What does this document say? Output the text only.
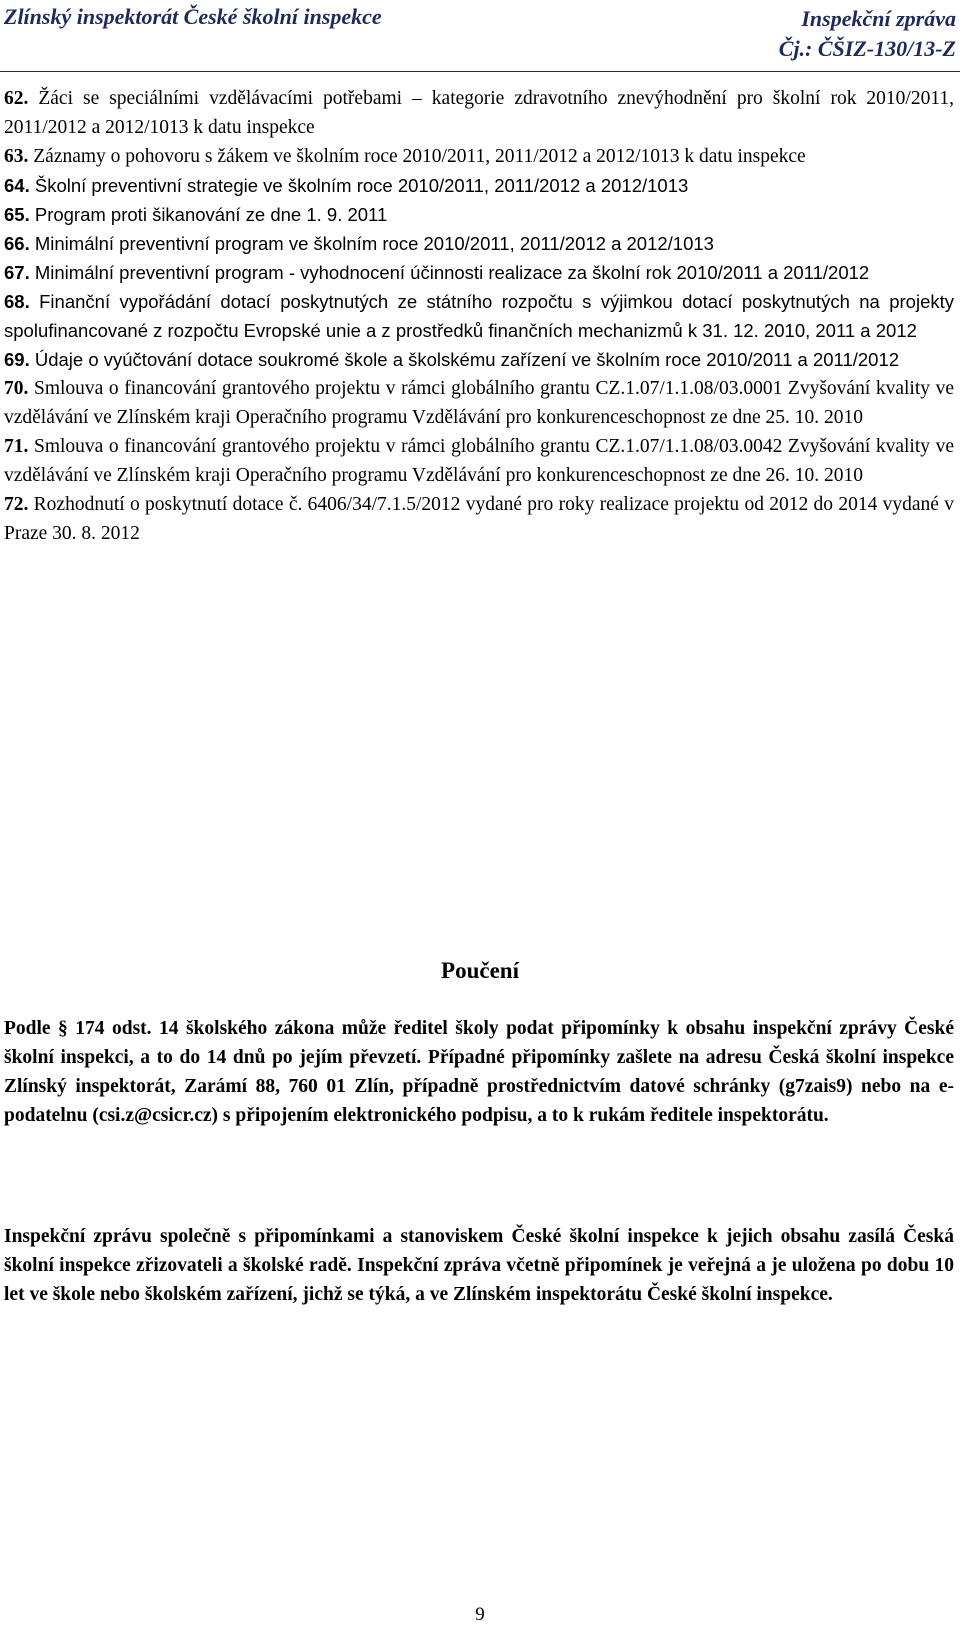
Zlínský inspektorát České školní inspekce	Inspekční zpráva
Čj.: ČŠIZ-130/13-Z
62. Žáci se speciálními vzdělávacími potřebami – kategorie zdravotního znevýhodnění pro školní rok 2010/2011, 2011/2012 a 2012/1013 k datu inspekce
63. Záznamy o pohovoru s žákem ve školním roce 2010/2011, 2011/2012 a 2012/1013 k datu inspekce
64. Školní preventivní strategie ve školním roce 2010/2011, 2011/2012 a 2012/1013
65. Program proti šikanování ze dne 1. 9. 2011
66. Minimální preventivní program ve školním roce 2010/2011, 2011/2012 a 2012/1013
67. Minimální preventivní program - vyhodnocení účinnosti realizace za školní rok 2010/2011 a 2011/2012
68. Finanční vypořádání dotací poskytnutých ze státního rozpočtu s výjimkou dotací poskytnutých na projekty spolufinancované z rozpočtu Evropské unie a z prostředků finančních mechanizmů k 31. 12. 2010, 2011 a 2012
69. Údaje o vyúčtování dotace soukromé škole a školskému zařízení ve školním roce 2010/2011 a 2011/2012
70. Smlouva o financování grantového projektu v rámci globálního grantu CZ.1.07/1.1.08/03.0001 Zvyšování kvality ve vzdělávání ve Zlínském kraji Operačního programu Vzdělávání pro konkurenceschopnost ze dne 25. 10. 2010
71. Smlouva o financování grantového projektu v rámci globálního grantu CZ.1.07/1.1.08/03.0042 Zvyšování kvality ve vzdělávání ve Zlínském kraji Operačního programu Vzdělávání pro konkurenceschopnost ze dne 26. 10. 2010
72. Rozhodnutí o poskytnutí dotace č. 6406/34/7.1.5/2012 vydané pro roky realizace projektu od 2012 do 2014 vydané v Praze 30. 8. 2012
Poučení

Podle § 174 odst. 14 školského zákona může ředitel školy podat připomínky k obsahu inspekční zprávy České školní inspekci, a to do 14 dnů po jejím převzetí. Případné připomínky zašlete na adresu Česká školní inspekce Zlínský inspektorát, Zarámí 88, 760 01 Zlín, případně prostřednictvím datové schránky (g7zais9) nebo na e-podatelnu (csi.z@csicr.cz) s připojením elektronického podpisu, a to k rukám ředitele inspektorátu.

Inspekční zprávu společně s připomínkami a stanoviskem České školní inspekce k jejich obsahu zasílá Česká školní inspekce zřizovateli a školské radě. Inspekční zpráva včetně připomínek je veřejná a je uložena po dobu 10 let ve škole nebo školském zařízení, jichž se týká, a ve Zlínském inspektorátu České školní inspekce.

9
